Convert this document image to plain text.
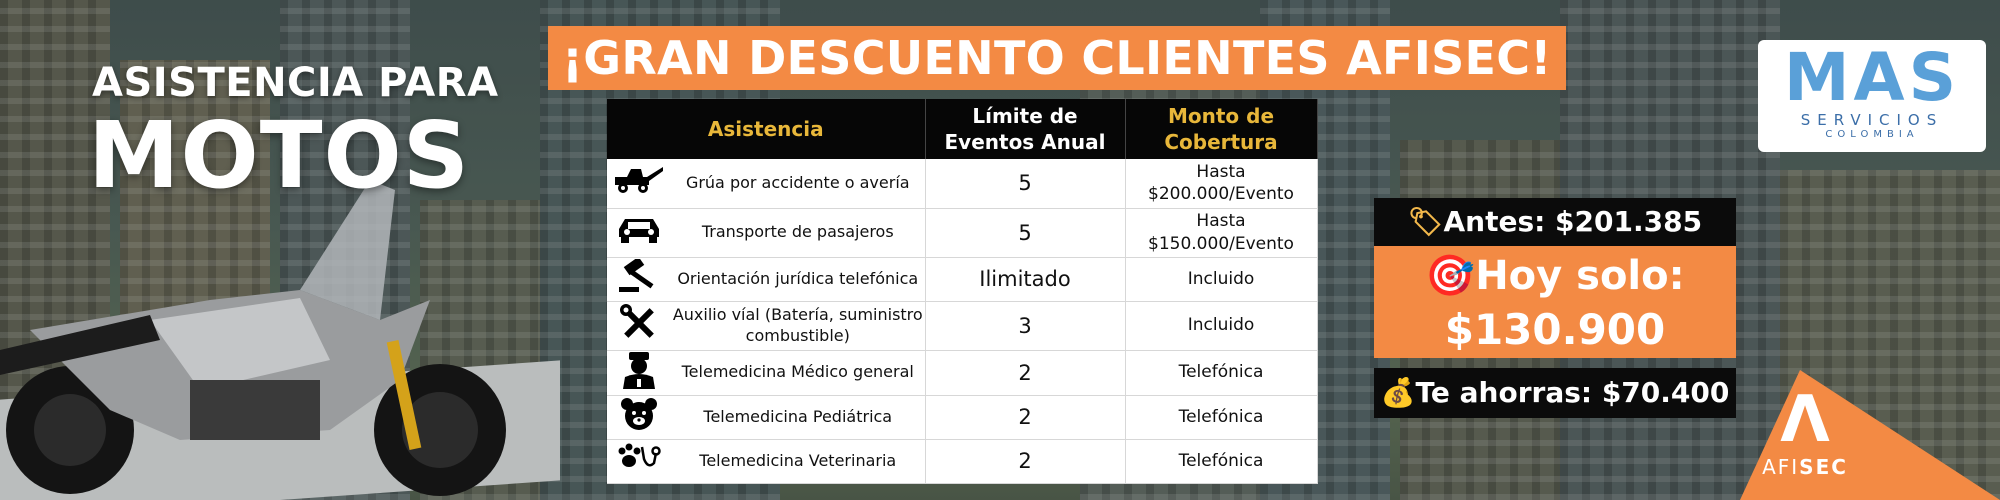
ASISTENCIA PARA
MOTOS
¡GRAN DESCUENTO CLIENTES AFISEC!
Asistencia	Límite de Eventos Anual	Monto de Cobertura

Grúa por accidente o avería	5	Hasta $200.000/Evento

Transporte de pasajeros	5	Hasta $150.000/Evento

Orientación jurídica telefónica	Ilimitado	Incluido

Auxilio víal (Batería, suministro combustible)	3	Incluido

Telemedicina Médico general	2	Telefónica

Telemedicina Pediátrica	2	Telefónica

Telemedicina Veterinaria	2	Telefónica
🏷Antes: $201.385
🎯Hoy solo:
$130.900
💰Te ahorras: $70.400
MAS
SERVICIOS
COLOMBIA
Λ
AFISEC
